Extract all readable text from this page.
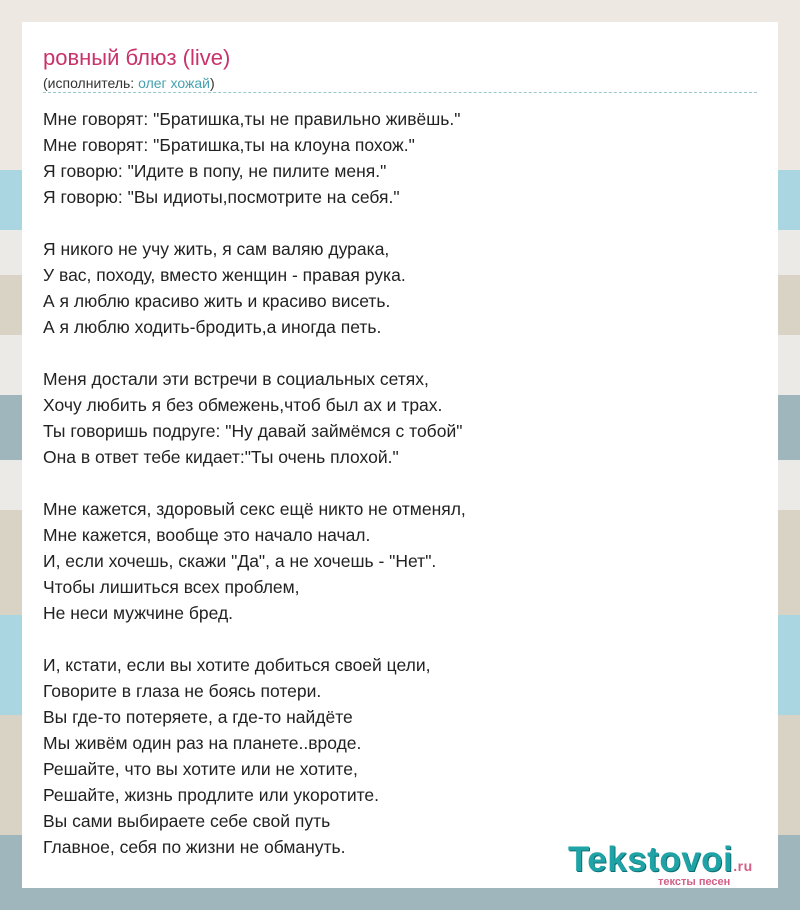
ровный блюз (live)
(исполнитель: олег хожай)
Мне говорят: "Братишка,ты не правильно живёшь."
Мне говорят: "Братишка,ты на клоуна похож."
Я говорю: "Идите в попу, не пилите меня."
Я говорю: "Вы идиоты,посмотрите на себя."
Я никого не учу жить, я сам валяю дурака,
У вас, походу, вместо женщин - правая рука.
А я люблю красиво жить и красиво висеть.
А я люблю ходить-бродить,а иногда петь.
Меня достали эти встречи в социальных сетях,
Хочу любить я без обмежень,чтоб был ах и трах.
Ты говоришь подруге: "Ну давай займёмся с тобой"
Она в ответ тебе кидает:"Ты очень плохой."
Мне кажется, здоровый секс ещё никто не отменял,
Мне кажется, вообще это начало начал.
И, если хочешь, скажи "Да", а не хочешь - "Нет".
Чтобы лишиться всех проблем,
Не неси мужчине бред.
И, кстати, если вы хотите добиться своей цели,
Говорите в глаза не боясь потери.
Вы где-то потеряете, а где-то найдёте
Мы живём один раз на планете..вроде.
Решайте, что вы хотите или не хотите,
Решайте, жизнь продлите или укоротите.
Вы сами выбираете себе свой путь
Главное, себя по жизни не обмануть.	Tekstovoi.ru
тексты песен
